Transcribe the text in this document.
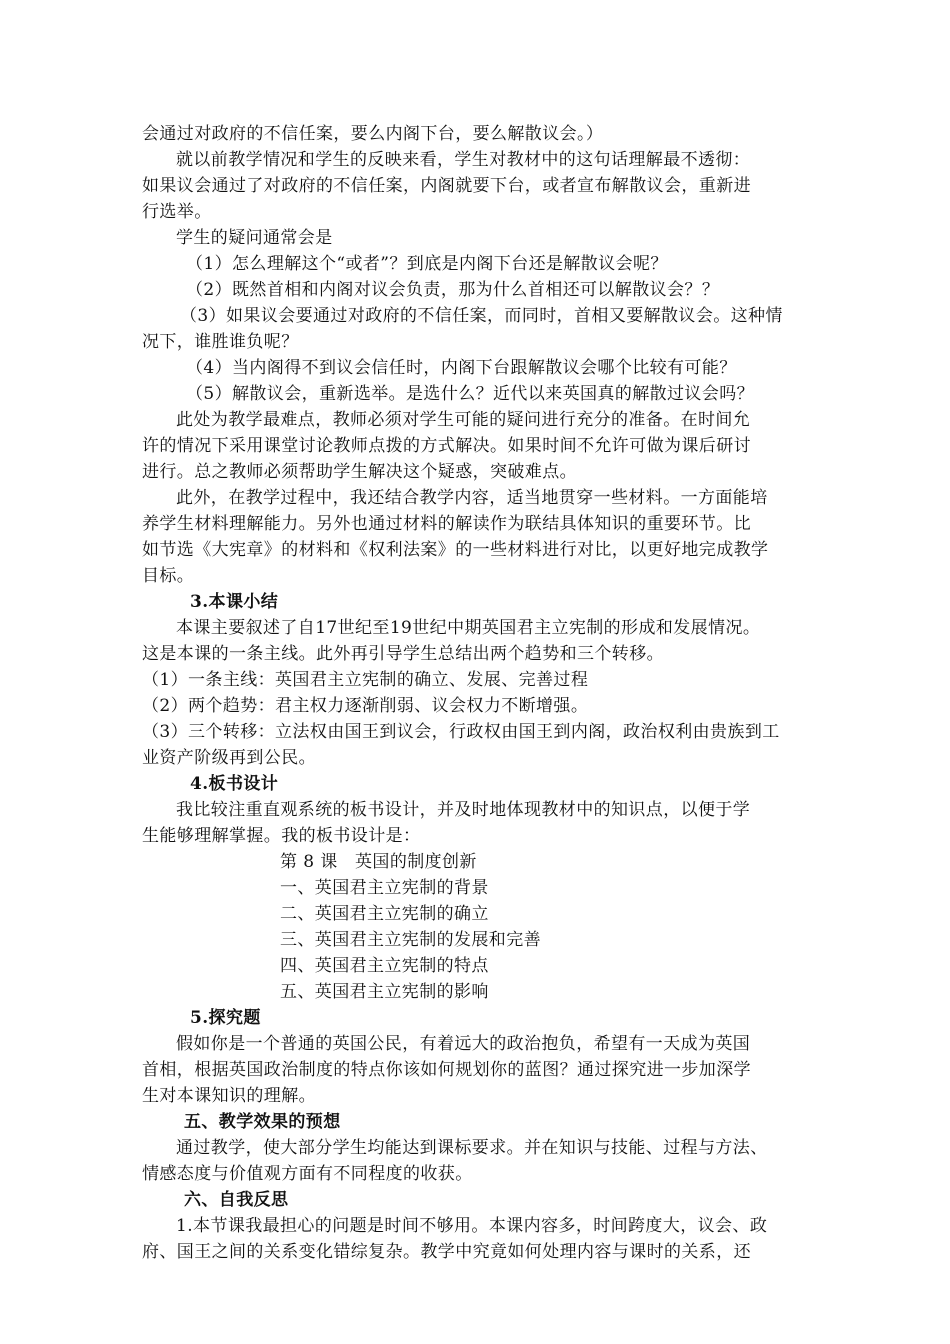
会通过对政府的不信任案，要么内阁下台，要么解散议会。）
就以前教学情况和学生的反映来看，学生对教材中的这句话理解最不透彻：
如果议会通过了对政府的不信任案，内阁就要下台，或者宣布解散议会，重新进
行选举。
学生的疑问通常会是
（1）怎么理解这个“或者”？到底是内阁下台还是解散议会呢？
（2）既然首相和内阁对议会负责，那为什么首相还可以解散议会？？
（3）如果议会要通过对政府的不信任案，而同时，首相又要解散议会。这种情
况下，谁胜谁负呢？
（4）当内阁得不到议会信任时，内阁下台跟解散议会哪个比较有可能？
（5）解散议会，重新选举。是选什么？近代以来英国真的解散过议会吗？
此处为教学最难点，教师必须对学生可能的疑问进行充分的准备。在时间允
许的情况下采用课堂讨论教师点拨的方式解决。如果时间不允许可做为课后研讨
进行。总之教师必须帮助学生解决这个疑惑，突破难点。
此外，在教学过程中，我还结合教学内容，适当地贯穿一些材料。一方面能培
养学生材料理解能力。另外也通过材料的解读作为联结具体知识的重要环节。比
如节选《大宪章》的材料和《权利法案》的一些材料进行对比，以更好地完成教学
目标。
3.本课小结
本课主要叙述了自17世纪至19世纪中期英国君主立宪制的形成和发展情况。
这是本课的一条主线。此外再引导学生总结出两个趋势和三个转移。
（1）一条主线：英国君主立宪制的确立、发展、完善过程
（2）两个趋势：君主权力逐渐削弱、议会权力不断增强。
（3）三个转移：立法权由国王到议会，行政权由国王到内阁，政治权利由贵族到工
业资产阶级再到公民。
4.板书设计
我比较注重直观系统的板书设计，并及时地体现教材中的知识点，以便于学
生能够理解掌握。我的板书设计是：
第 8 课　英国的制度创新
一、英国君主立宪制的背景
二、英国君主立宪制的确立
三、英国君主立宪制的发展和完善
四、英国君主立宪制的特点
五、英国君主立宪制的影响
5.探究题
假如你是一个普通的英国公民，有着远大的政治抱负，希望有一天成为英国
首相，根据英国政治制度的特点你该如何规划你的蓝图？通过探究进一步加深学
生对本课知识的理解。
五、教学效果的预想
通过教学，使大部分学生均能达到课标要求。并在知识与技能、过程与方法、
情感态度与价值观方面有不同程度的收获。
六、自我反思
1.本节课我最担心的问题是时间不够用。本课内容多，时间跨度大，议会、政
府、国王之间的关系变化错综复杂。教学中究竟如何处理内容与课时的关系，还
